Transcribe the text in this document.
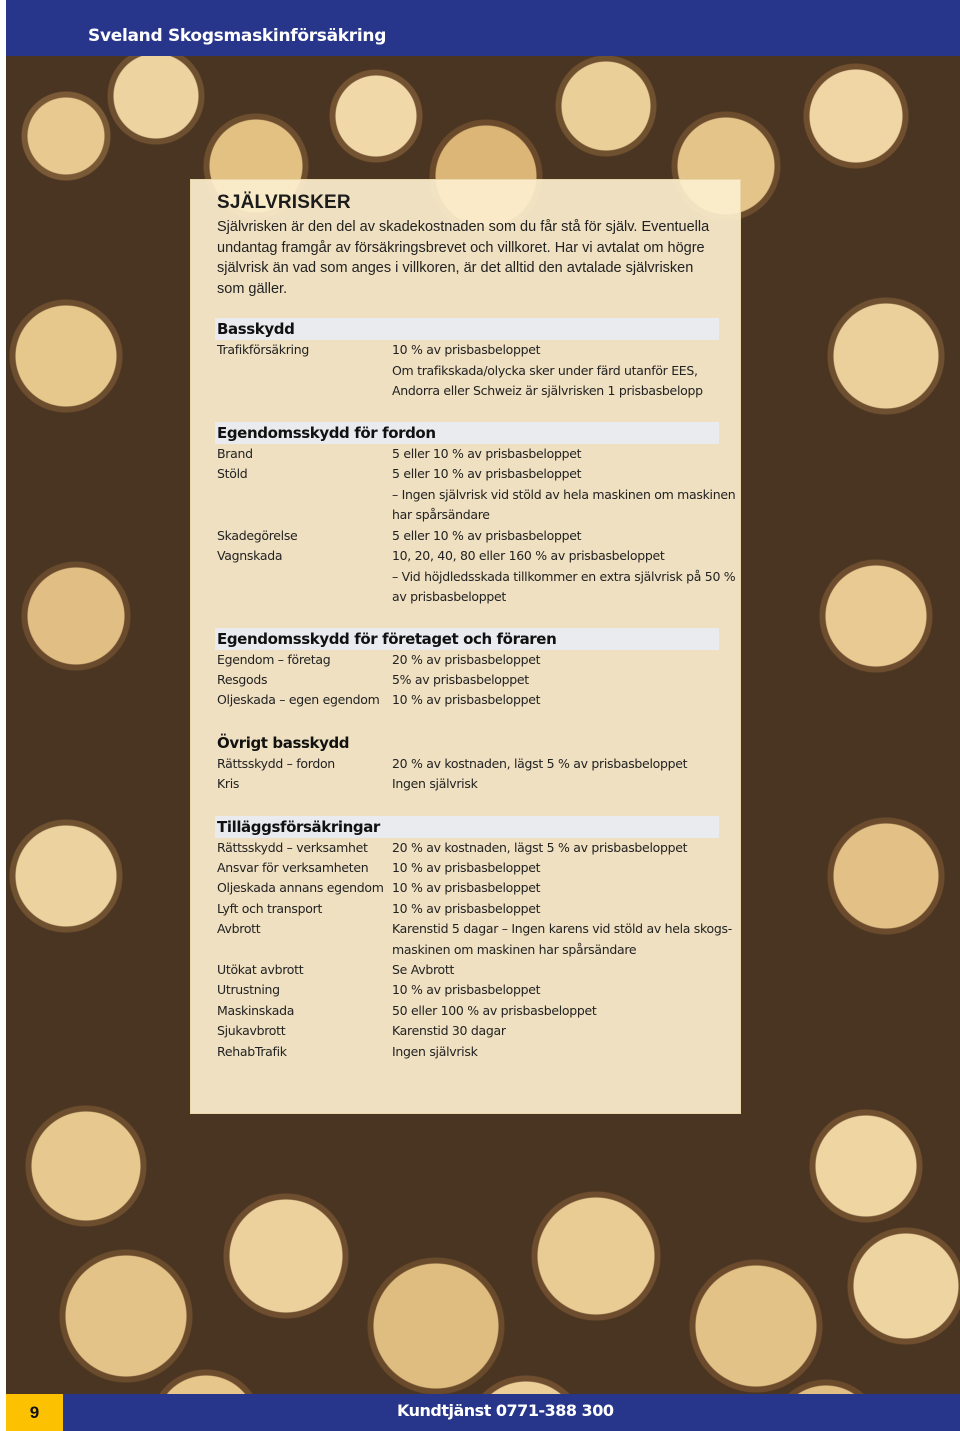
Sveland Skogsmaskinförsäkring
SJÄLVRISKER

Självrisken är den del av skadekostnaden som du får stå för själv. Eventuella

undantag framgår av försäkringsbrevet och villkoret. Har vi avtalat om högre

självrisk än vad som anges i villkoren, är det alltid den avtalade självrisken

som gäller.

Basskydd
Trafikförsäkring	10 % av prisbasbeloppet
Om trafikskada/olycka sker under färd utanför EES,
Andorra eller Schweiz är självrisken 1 prisbasbelopp
Egendomsskydd för fordon
Brand	5 eller 10 % av prisbasbeloppet
Stöld	5 eller 10 % av prisbasbeloppet
– Ingen självrisk vid stöld av hela maskinen om maskinen
har spårsändare
Skadegörelse	5 eller 10 % av prisbasbeloppet
Vagnskada	10, 20, 40, 80 eller 160 % av prisbasbeloppet
– Vid höjdledsskada tillkommer en extra självrisk på 50 %
av prisbasbeloppet
Egendomsskydd för företaget och föraren
Egendom – företag	20 % av prisbasbeloppet
Resgods	5% av prisbasbeloppet
Oljeskada – egen egendom 10 % av prisbasbeloppet
Övrigt basskydd
Rättsskydd – fordon	20 % av kostnaden, lägst 5 % av prisbasbeloppet
Kris	Ingen självrisk
Tilläggsförsäkringar
Rättsskydd – verksamhet 20 % av kostnaden, lägst 5 % av prisbasbeloppet
Ansvar för verksamheten 10 % av prisbasbeloppet
Oljeskada annans egendom 10 % av prisbasbeloppet
Lyft och transport	10 % av prisbasbeloppet
Avbrott	Karenstid 5 dagar – Ingen karens vid stöld av hela skogs-
maskinen om maskinen har spårsändare
Utökat avbrott	Se Avbrott
Utrustning	10 % av prisbasbeloppet
Maskinskada	50 eller 100 % av prisbasbeloppet
Sjukavbrott	Karenstid 30 dagar
RehabTrafik	Ingen självrisk
9	Kundtjänst 0771-388 300
